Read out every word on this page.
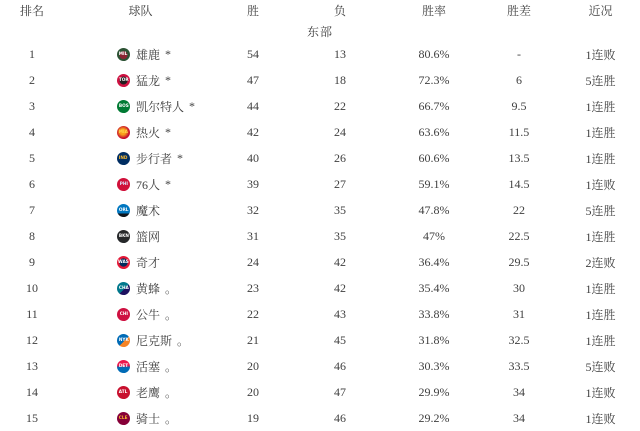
排名	球队	胜	负	胜率	胜差	近况
东部
1	MIL 雄鹿 *	54	13	80.6%	-	1连败
2	TOR 猛龙 *	47	18	72.3%	6	5连胜
3	BOS 凯尔特人 *	44	22	66.7%	9.5	1连胜
4	MIA 热火 *	42	24	63.6%	11.5	1连胜
5	IND 步行者 *	40	26	60.6%	13.5	1连胜
6	PHI 76人 *	39	27	59.1%	14.5	1连败
7	ORL 魔术	32	35	47.8%	22	5连胜
8	BKN 篮网	31	35	47%	22.5	1连胜
9	WAS 奇才	24	42	36.4%	29.5	2连败
10	CHA 黄蜂 。	23	42	35.4%	30	1连胜
11	CHI 公牛 。	22	43	33.8%	31	1连胜
12	NYK 尼克斯 。	21	45	31.8%	32.5	1连胜
13	DET 活塞 。	20	46	30.3%	33.5	5连败
14	ATL 老鹰 。	20	47	29.9%	34	1连败
15	CLE 骑士 。	19	46	29.2%	34	1连败
